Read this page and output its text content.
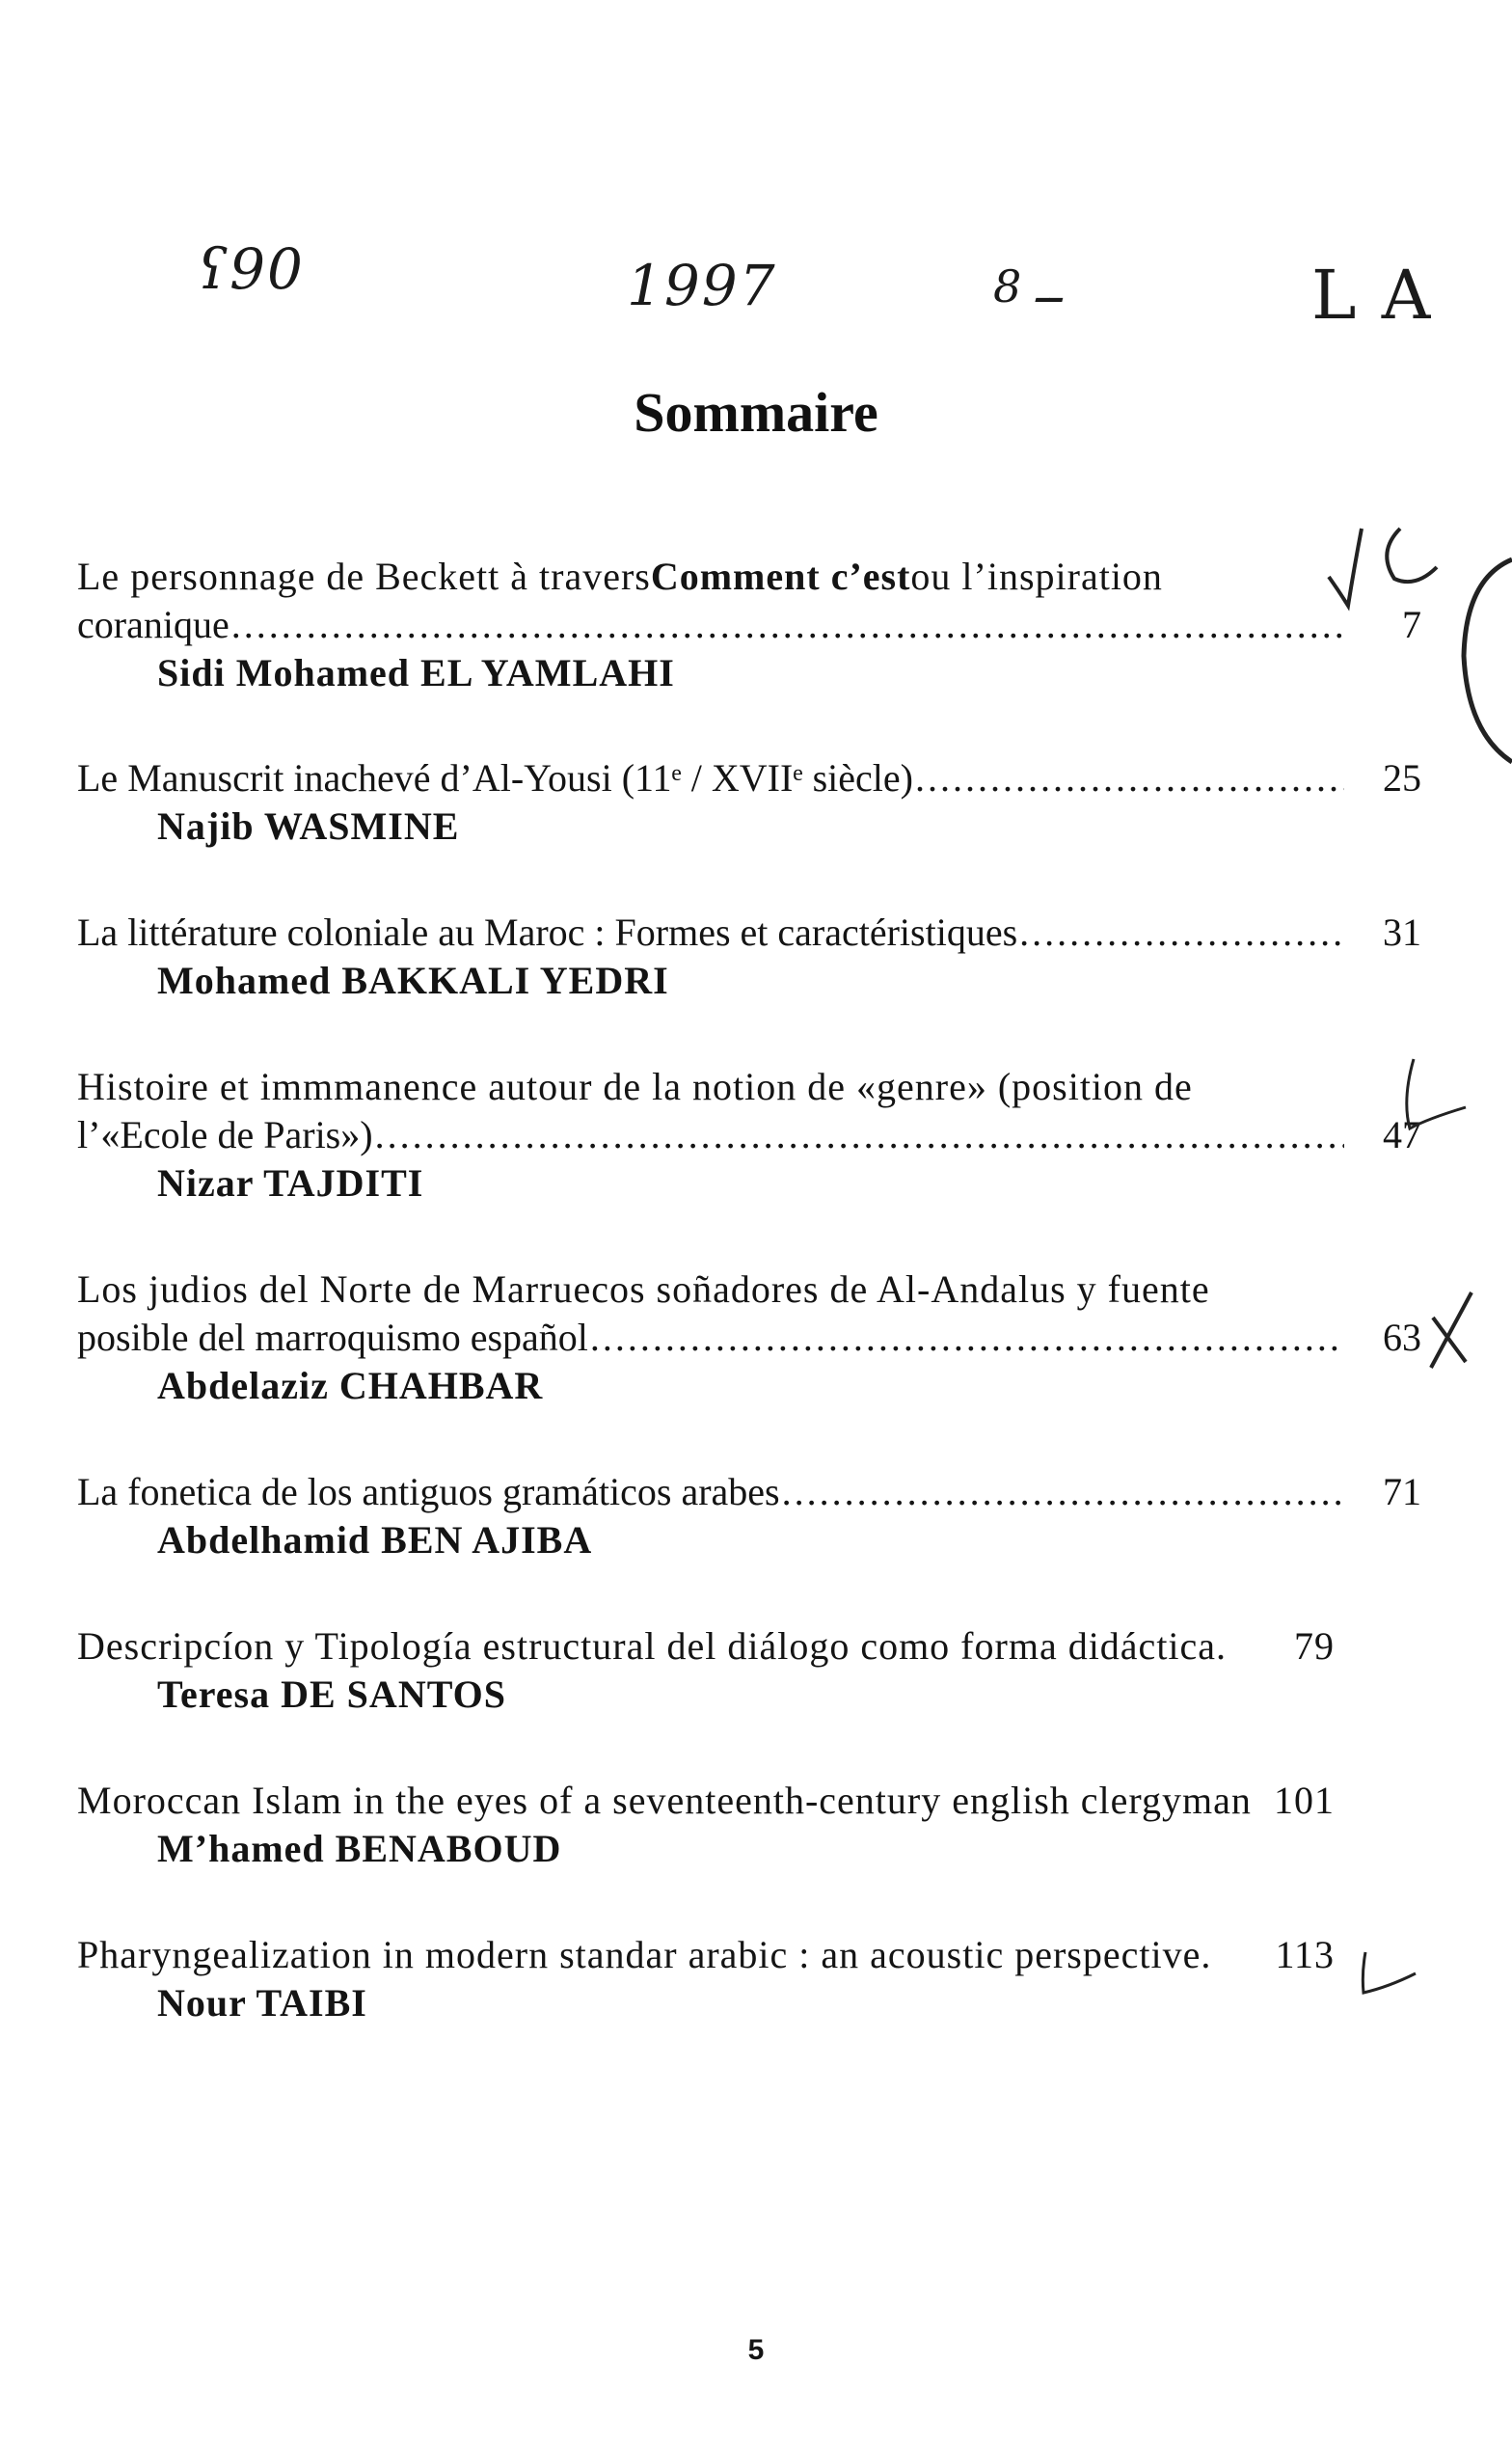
ʕ90	1997	ــ 8	L A
Sommaire
Le personnage de Beckett à travers Comment c’est ou l’inspiration
coranique .....	7
Sidi Mohamed EL YAMLAHI
Le Manuscrit inachevé d’Al-Yousi (11ᵉ / XVIIᵉ siècle) .....	25
Najib WASMINE
La littérature coloniale au Maroc : Formes et caractéristiques .....	31
Mohamed BAKKALI YEDRI
Histoire et immmanence autour de la notion de «genre» (position de
l’«Ecole de Paris») .....	47
Nizar TAJDITI
Los judios del Norte de Marruecos soñadores de Al-Andalus y fuente
posible del marroquismo español .....	63
Abdelaziz CHAHBAR
La fonetica de los antiguos gramáticos arabes .....	71
Abdelhamid BEN AJIBA
Descripcíon y Tipología estructural del diálogo como forma didáctica.	79
Teresa DE SANTOS
Moroccan Islam in the eyes of a seventeenth-century english clergyman 101
M’hamed BENABOUD
Pharyngealization in modern standar arabic : an acoustic perspective.	113
Nour TAIBI
5
